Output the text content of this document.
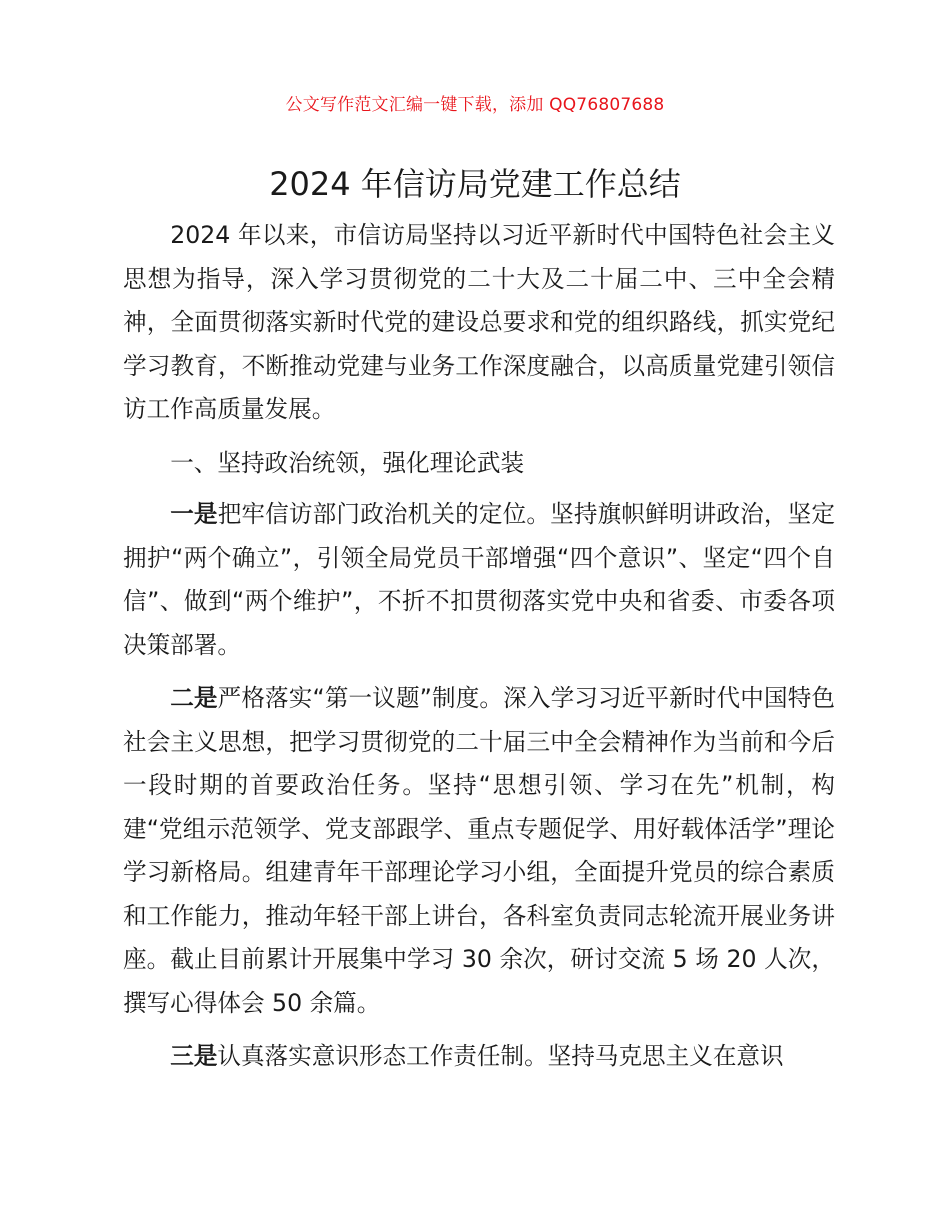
公文写作范文汇编一键下载，添加 QQ76807688
2024 年信访局党建工作总结

2024 年以来，市信访局坚持以习近平新时代中国特色社会主义思想为指导，深入学习贯彻党的二十大及二十届二中、三中全会精神，全面贯彻落实新时代党的建设总要求和党的组织路线，抓实党纪学习教育，不断推动党建与业务工作深度融合，以高质量党建引领信访工作高质量发展。

一、坚持政治统领，强化理论武装

一是把牢信访部门政治机关的定位。坚持旗帜鲜明讲政治，坚定拥护“两个确立”，引领全局党员干部增强“四个意识”、坚定“四个自信”、做到“两个维护”，不折不扣贯彻落实党中央和省委、市委各项决策部署。

二是严格落实“第一议题”制度。深入学习习近平新时代中国特色社会主义思想，把学习贯彻党的二十届三中全会精神作为当前和今后一段时期的首要政治任务。坚持“思想引领、学习在先”机制，构建“党组示范领学、党支部跟学、重点专题促学、用好载体活学”理论学习新格局。组建青年干部理论学习小组，全面提升党员的综合素质和工作能力，推动年轻干部上讲台，各科室负责同志轮流开展业务讲座。截止目前累计开展集中学习 30 余次，研讨交流 5 场 20 人次，撰写心得体会 50 余篇。

三是认真落实意识形态工作责任制。坚持马克思主义在意识
